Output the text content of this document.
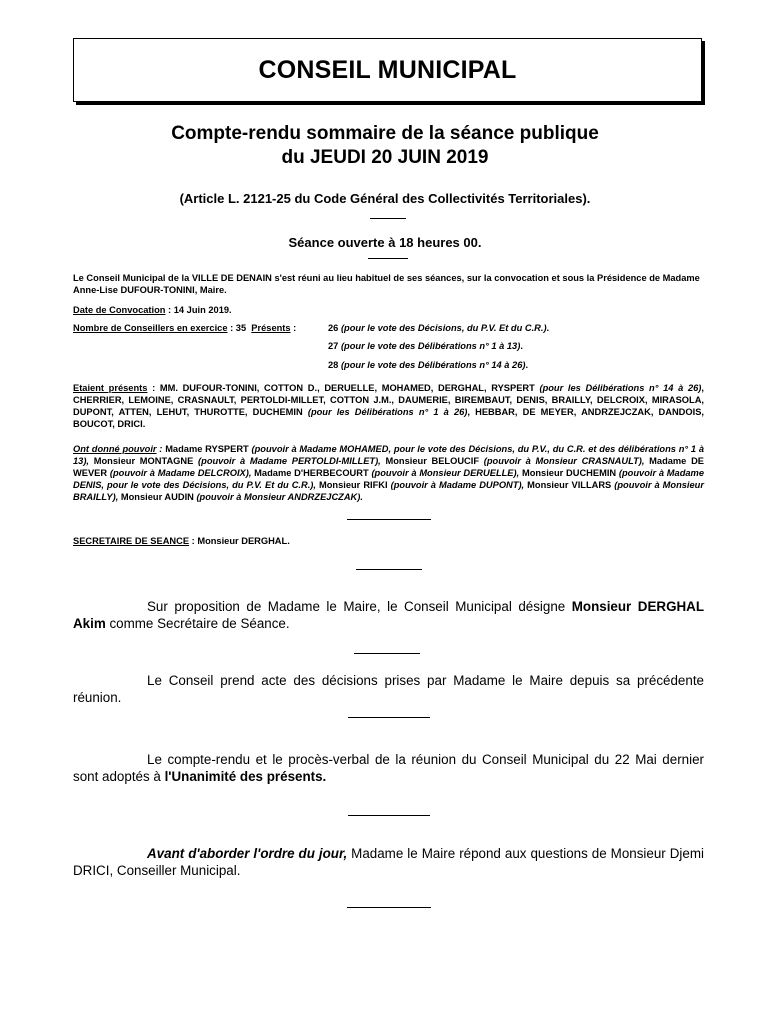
CONSEIL MUNICIPAL
Compte-rendu sommaire de la séance publique
du JEUDI 20 JUIN 2019
(Article L. 2121-25 du Code Général des Collectivités Territoriales).
Séance ouverte à 18 heures 00.
Le Conseil Municipal de la VILLE DE DENAIN s'est réuni au lieu habituel de ses séances, sur la convocation et sous la Présidence de Madame Anne-Lise DUFOUR-TONINI, Maire.
Date de Convocation : 14 Juin 2019.
Nombre de Conseillers en exercice : 35 Présents :	26 (pour le vote des Décisions, du P.V. Et du C.R.).
27 (pour le vote des Délibérations n° 1 à 13).
28 (pour le vote des Délibérations n° 14 à 26).
Etaient présents : MM. DUFOUR-TONINI, COTTON D., DERUELLE, MOHAMED, DERGHAL, RYSPERT (pour les Délibérations n° 14 à 26), CHERRIER, LEMOINE, CRASNAULT, PERTOLDI-MILLET, COTTON J.M., DAUMERIE, BIREMBAUT, DENIS, BRAILLY, DELCROIX, MIRASOLA, DUPONT, ATTEN, LEHUT, THUROTTE, DUCHEMIN (pour les Délibérations n° 1 à 26), HEBBAR, DE MEYER, ANDRZEJCZAK, DANDOIS, BOUCOT, DRICI.
Ont donné pouvoir : Madame RYSPERT (pouvoir à Madame MOHAMED, pour le vote des Décisions, du P.V., du C.R. et des délibérations n° 1 à 13), Monsieur MONTAGNE (pouvoir à Madame PERTOLDI-MILLET), Monsieur BELOUCIF (pouvoir à Monsieur CRASNAULT), Madame DE WEVER (pouvoir à Madame DELCROIX), Madame D'HERBECOURT (pouvoir à Monsieur DERUELLE), Monsieur DUCHEMIN (pouvoir à Madame DENIS, pour le vote des Décisions, du P.V. Et du C.R.), Monsieur RIFKI (pouvoir à Madame DUPONT), Monsieur VILLARS (pouvoir à Monsieur BRAILLY), Monsieur AUDIN (pouvoir à Monsieur ANDRZEJCZAK).
SECRETAIRE DE SEANCE : Monsieur DERGHAL.
Sur proposition de Madame le Maire, le Conseil Municipal désigne Monsieur DERGHAL Akim comme Secrétaire de Séance.
Le Conseil prend acte des décisions prises par Madame le Maire depuis sa précédente réunion.
Le compte-rendu et le procès-verbal de la réunion du Conseil Municipal du 22 Mai dernier sont adoptés à l'Unanimité des présents.
Avant d'aborder l'ordre du jour, Madame le Maire répond aux questions de Monsieur Djemi DRICI, Conseiller Municipal.
